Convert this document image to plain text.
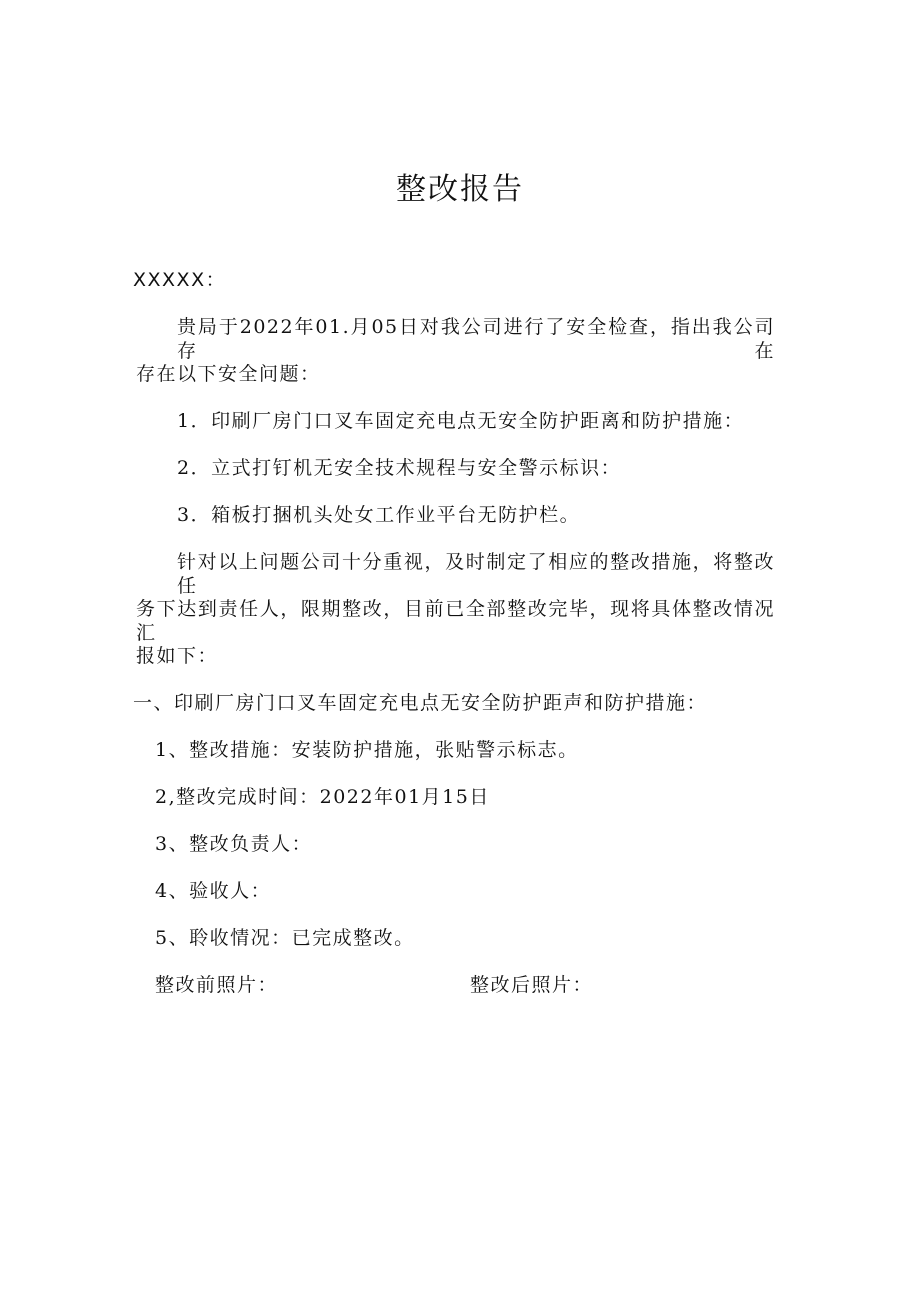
整改报告
XXXXX：
贵局于2022年01.月05日对我公司进行了安全检查，指出我公司存在
存在以下安全问题：
1．印刷厂房门口叉车固定充电点无安全防护距离和防护措施：
2．立式打钉机无安全技术规程与安全警示标识：
3．箱板打捆机头处女工作业平台无防护栏。
针对以上问题公司十分重视，及时制定了相应的整改措施，将整改任
务下达到责任人，限期整改，目前已全部整改完毕，现将具体整改情况汇
报如下：
一、印刷厂房门口叉车固定充电点无安全防护距声和防护措施：
1、整改措施：安装防护措施，张贴警示标志。
2,整改完成时间：2022年01月15日
3、整改负责人：
4、验收人：
5、聆收情况：已完成整改。
整改前照片：	整改后照片：
